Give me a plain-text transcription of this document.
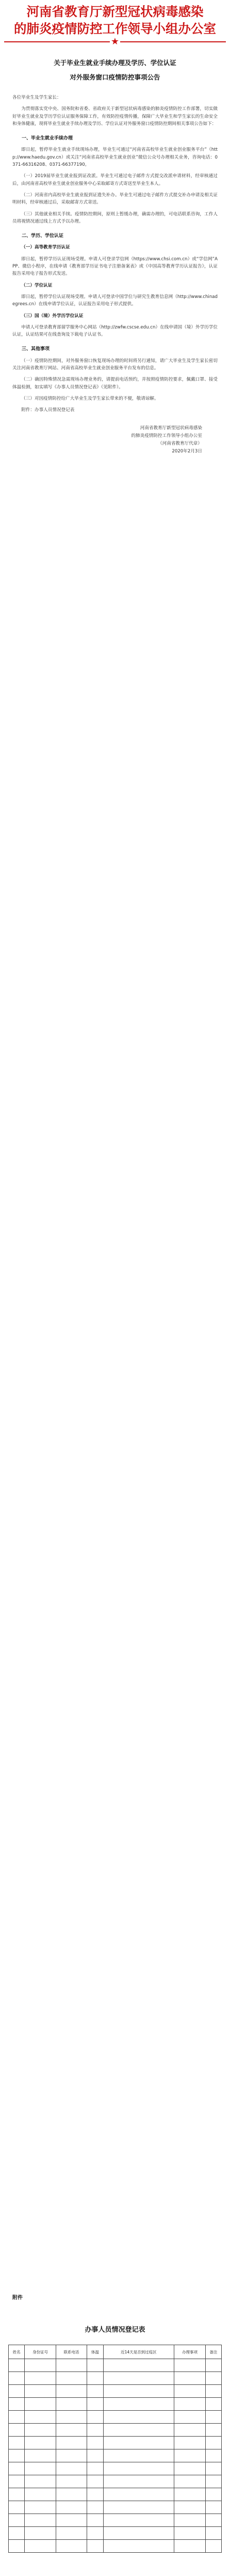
河南省教育厅新型冠状病毒感染
的肺炎疫情防控工作领导小组办公室
★
关于毕业生就业手续办理及学历、学位认证
对外服务窗口疫情防控事项公告

各位毕业生及学生家长：

为贯彻落实党中央、国务院和省委、省政府关于新型冠状病毒感染的肺炎疫情防控工作部署，切实做好毕业生就业及学历学位认证服务保障工作，有效防控疫情传播，保障广大毕业生和学生家长的生命安全和身体健康，现将毕业生就业手续办理及学历、学位认证对外服务窗口疫情防控期间相关事项公告如下：

一、毕业生就业手续办理

即日起，暂停毕业生就业手续现场办理，毕业生可通过“河南省高校毕业生就业创业服务平台”（http://www.haedu.gov.cn）或关注“河南省高校毕业生就业创业”微信公众号办理相关业务，咨询电话：0371-66316208、0371-66377190。

（一）2019届毕业生就业报到证改派。毕业生可通过电子邮件方式提交改派申请材料，经审核通过后，由河南省高校毕业生就业创业服务中心采取邮寄方式寄送至毕业生本人。

（二）河南省内高校毕业生就业报到证遗失补办。毕业生可通过电子邮件方式提交补办申请及相关证明材料，经审核通过后，采取邮寄方式寄送。

（三）其他就业相关手续。疫情防控期间，原则上暂缓办理，确需办理的，可电话联系咨询，工作人员将视情况通过线上方式予以办理。

二、学历、学位认证

（一）高等教育学历认证

即日起，暂停学历认证现场受理。申请人可登录学信网（https://www.chsi.com.cn）或“学信网”APP、微信小程序，在线申请《教育部学历证书电子注册备案表》或《中国高等教育学历认证报告》，认证报告采用电子报告形式发送。

（二）学位认证

即日起，暂停学位认证现场受理。申请人可登录中国学位与研究生教育信息网（http://www.chinadegrees.cn）在线申请学位认证，认证报告采用电子形式提供。

（三）国（境）外学历学位认证

申请人可登录教育部留学服务中心网站（http://zwfw.cscse.edu.cn）在线申请国（境）外学历学位认证，认证结果可在线查询及下载电子认证书。

三、其他事项

（一）疫情防控期间，对外服务窗口恢复现场办理的时间将另行通知，请广大毕业生及学生家长密切关注河南省教育厅网站、河南省高校毕业生就业创业服务平台发布的信息。

（二）确因特殊情况急需现场办理业务的，请提前电话预约，并按照疫情防控要求，佩戴口罩、接受体温检测，如实填写《办事人员情况登记表》（见附件）。

（三）对因疫情防控给广大毕业生及学生家长带来的不便，敬请谅解。

附件：办事人员情况登记表

河南省教育厅新型冠状病毒感染
的肺炎疫情防控工作领导小组办公室
（河南省教育厅代章）
2020年2月3日
附件
办事人员情况登记表
姓名	身份证号	联系电话	体温	近14天是否到过疫区	办理事项	备注
